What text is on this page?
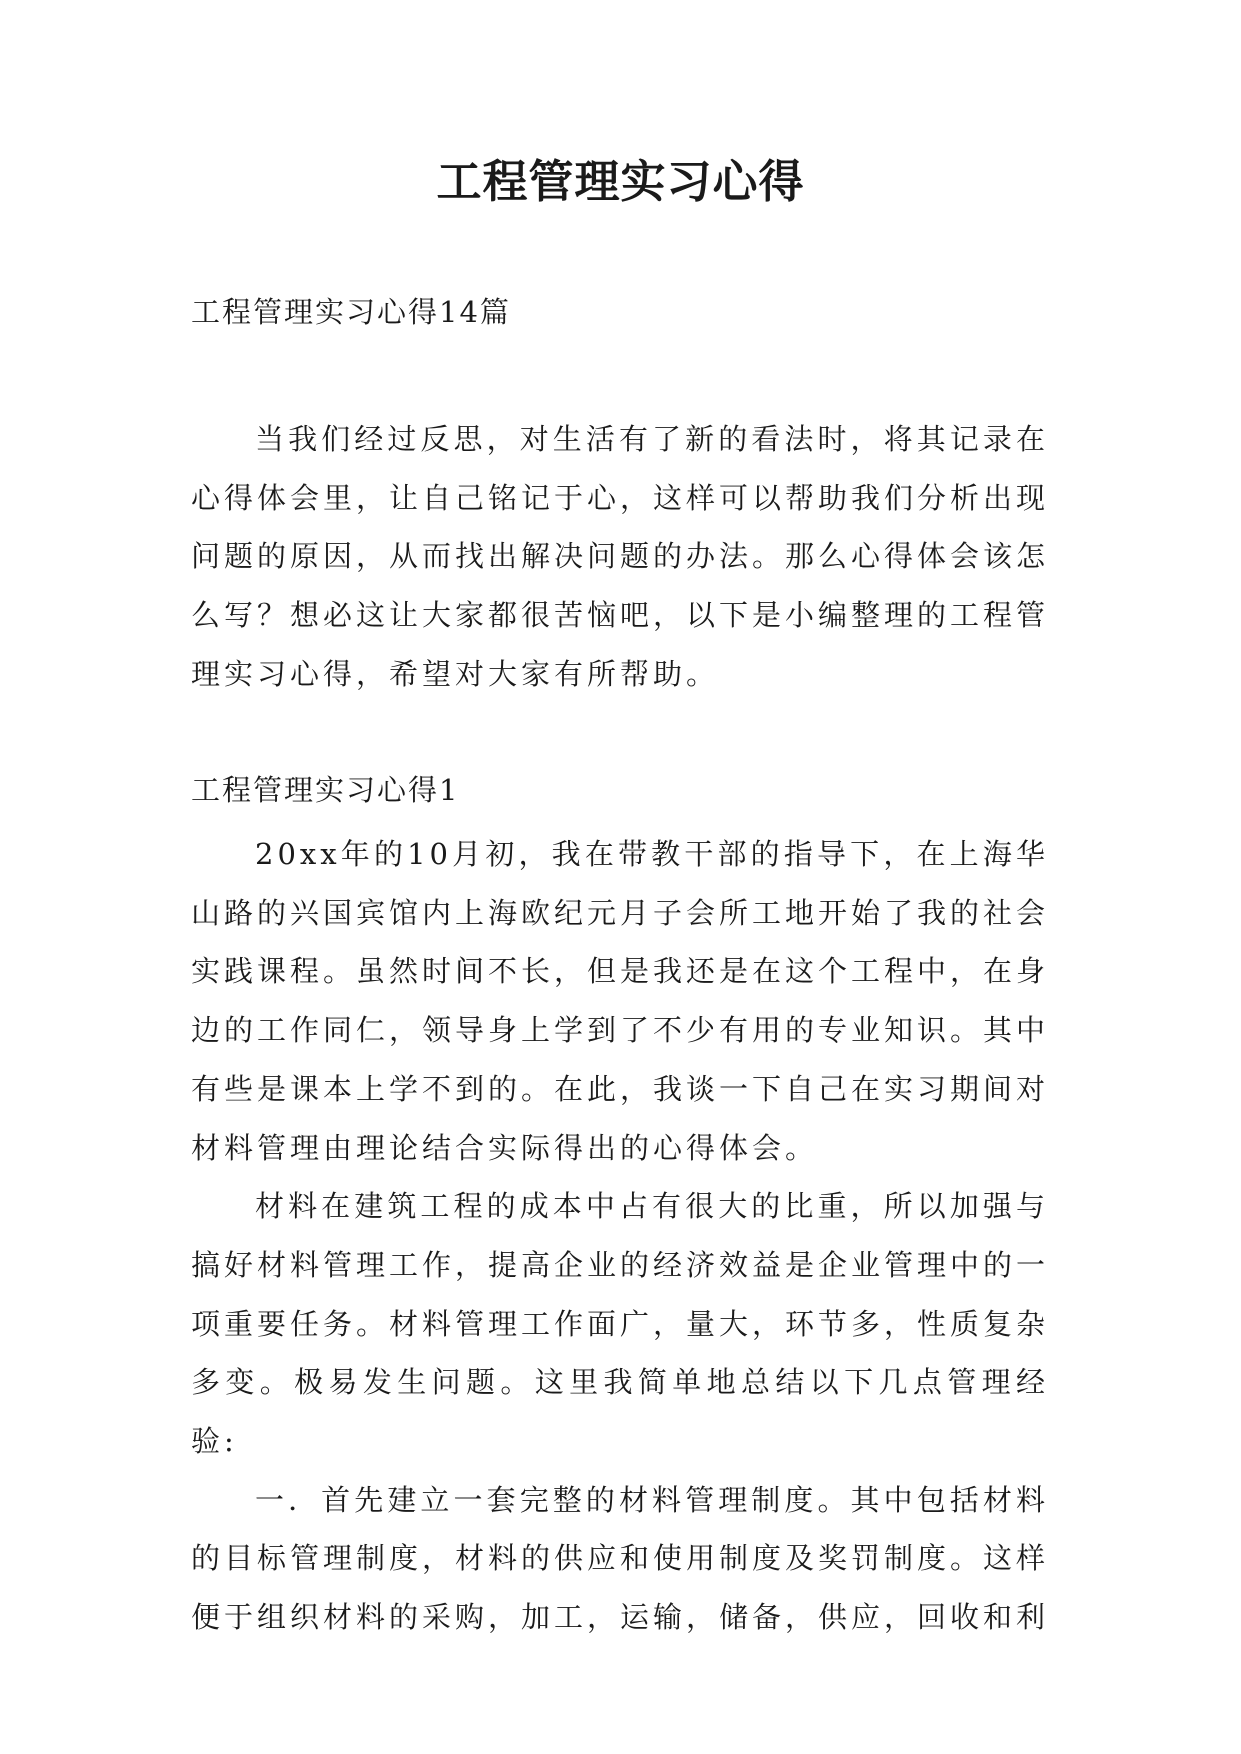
工程管理实习心得
工程管理实习心得14篇

当我们经过反思，对生活有了新的看法时，将其记录在心得体会里，让自己铭记于心，这样可以帮助我们分析出现问题的原因，从而找出解决问题的办法。那么心得体会该怎么写？想必这让大家都很苦恼吧，以下是小编整理的工程管理实习心得，希望对大家有所帮助。

工程管理实习心得1

20xx年的10月初，我在带教干部的指导下，在上海华山路的兴国宾馆内上海欧纪元月子会所工地开始了我的社会实践课程。虽然时间不长，但是我还是在这个工程中，在身边的工作同仁，领导身上学到了不少有用的专业知识。其中有些是课本上学不到的。在此，我谈一下自己在实习期间对材料管理由理论结合实际得出的心得体会。

材料在建筑工程的成本中占有很大的比重，所以加强与搞好材料管理工作，提高企业的经济效益是企业管理中的一项重要任务。材料管理工作面广，量大，环节多，性质复杂多变。极易发生问题。这里我简单地总结以下几点管理经验:

一．首先建立一套完整的材料管理制度。其中包括材料的目标管理制度，材料的供应和使用制度及奖罚制度。这样便于组织材料的采购，加工，运输，储备，供应，回收和利
